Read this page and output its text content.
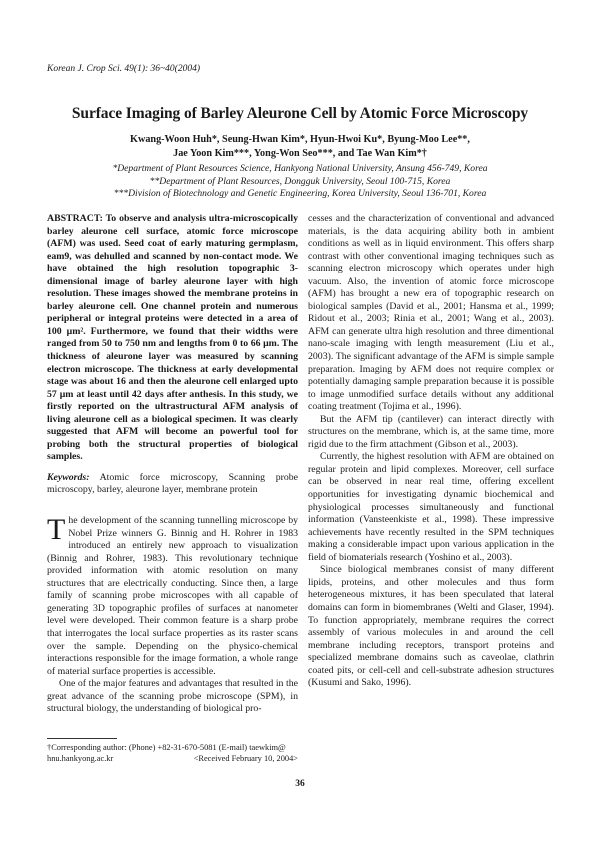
Korean J. Crop Sci. 49(1): 36~40(2004)
Surface Imaging of Barley Aleurone Cell by Atomic Force Microscopy
Kwang-Woon Huh*, Seung-Hwan Kim*, Hyun-Hwoi Ku*, Byung-Moo Lee**,
Jae Yoon Kim***, Yong-Won Seo***, and Tae Wan Kim*†
*Department of Plant Resources Science, Hankyong National University, Ansung 456-749, Korea
**Department of Plant Resources, Dongguk University, Seoul 100-715, Korea
***Division of Biotechnology and Genetic Engineering, Korea University, Seoul 136-701, Korea

ABSTRACT: To observe and analysis ultra-microscopically barley aleurone cell surface, atomic force microscope (AFM) was used. Seed coat of early maturing germplasm, eam9, was dehulled and scanned by non-contact mode. We have obtained the high resolution topographic 3-dimensional image of barley aleurone layer with high resolution. These images showed the membrane proteins in barley aleurone cell. One channel protein and numerous peripheral or integral proteins were detected in a area of 100 μm². Furthermore, we found that their widths were ranged from 50 to 750 nm and lengths from 0 to 66 μm. The thickness of aleurone layer was measured by scanning electron microscope. The thickness at early developmental stage was about 16 and then the aleurone cell enlarged upto 57 μm at least until 42 days after anthesis. In this study, we firstly reported on the ultrastructural AFM analysis of living aleurone cell as a biological specimen. It was clearly suggested that AFM will become an powerful tool for probing both the structural properties of biological samples.

Keywords: Atomic force microscopy, Scanning probe microscopy, barley, aleurone layer, membrane protein

The development of the scanning tunnelling microscope by Nobel Prize winners G. Binnig and H. Rohrer in 1983 introduced an entirely new approach to visualization (Binnig and Rohrer, 1983). This revolutionary technique provided information with atomic resolution on many structures that are electrically conducting. Since then, a large family of scanning probe microscopes with all capable of generating 3D topographic profiles of surfaces at nanometer level were developed. Their common feature is a sharp probe that interrogates the local surface properties as its raster scans over the sample. Depending on the physico-chemical interactions responsible for the image formation, a whole range of material surface properties is accessible.

One of the major features and advantages that resulted in the great advance of the scanning probe microscope (SPM), in structural biology, the understanding of biological pro-

cesses and the characterization of conventional and advanced materials, is the data acquiring ability both in ambient conditions as well as in liquid environment. This offers sharp contrast with other conventional imaging techniques such as scanning electron microscopy which operates under high vacuum. Also, the invention of atomic force microscope (AFM) has brought a new era of topographic research on biological samples (David et al., 2001; Hansma et al., 1999; Ridout et al., 2003; Rinia et al., 2001; Wang et al., 2003). AFM can generate ultra high resolution and three dimentional nano-scale imaging with length measurement (Liu et al., 2003). The significant advantage of the AFM is simple sample preparation. Imaging by AFM does not require complex or potentially damaging sample preparation because it is possible to image unmodified surface details without any additional coating treatment (Tojima et al., 1996).

But the AFM tip (cantilever) can interact directly with structures on the membrane, which is, at the same time, more rigid due to the firm attachment (Gibson et al., 2003).

Currently, the highest resolution with AFM are obtained on regular protein and lipid complexes. Moreover, cell surface can be observed in near real time, offering excellent opportunities for investigating dynamic biochemical and physiological processes simultaneously and functional information (Vansteenkiste et al., 1998). These impressive achievements have recently resulted in the SPM techniques making a considerable impact upon various application in the field of biomaterials research (Yoshino et al., 2003).

Since biological membranes consist of many different lipids, proteins, and other molecules and thus form heterogeneous mixtures, it has been speculated that lateral domains can form in biomembranes (Welti and Glaser, 1994). To function appropriately, membrane requires the correct assembly of various molecules in and around the cell membrane including receptors, transport proteins and specialized membrane domains such as caveolae, clathrin coated pits, or cell-cell and cell-substrate adhesion structures (Kusumi and Sako, 1996).

†Corresponding author: (Phone) +82-31-670-5081 (E-mail) taewkim@
hnu.hankyong.ac.kr	<Received February 10, 2004>
36
